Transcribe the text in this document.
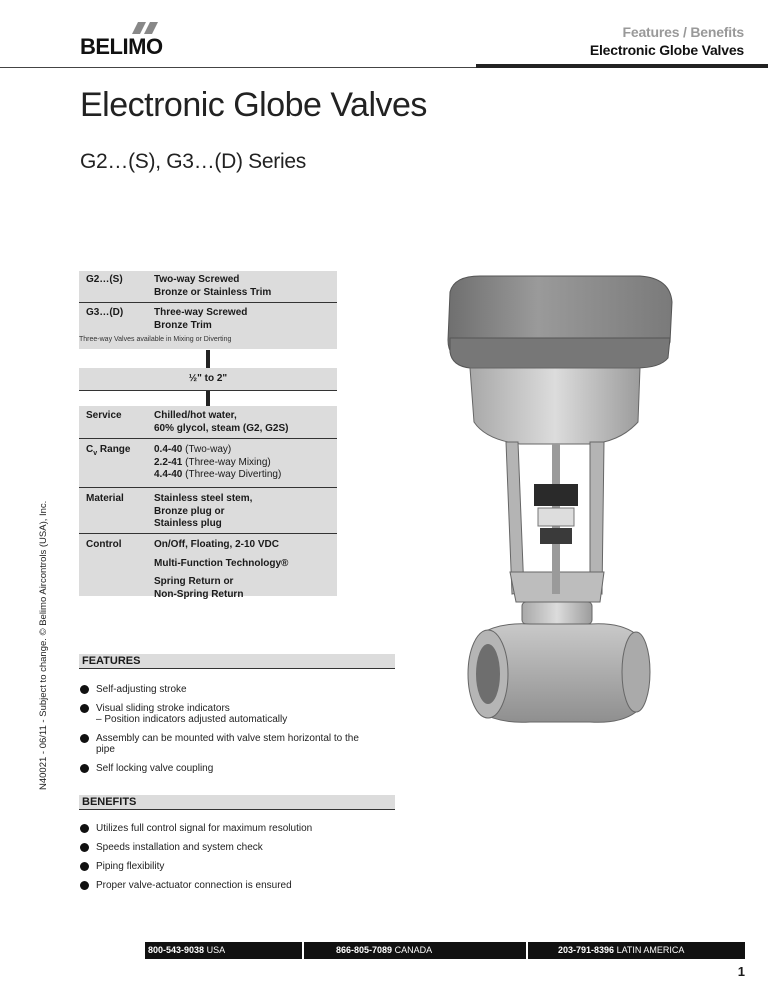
BELIMO
Features / Benefits
Electronic Globe Valves
Electronic Globe Valves
G2…(S), G3…(D) Series
N40021 - 06/11 - Subject to change. © Belimo Aircontrols (USA), Inc.
G2…(S)	Two-way Screwed
Bronze or Stainless Trim
G3…(D)	Three-way Screwed
Bronze Trim
Three-way Valves available in Mixing or Diverting
½" to 2"
Service	Chilled/hot water,
60% glycol, steam (G2, G2S)
$C_v$ Range 0.4-40 (Two-way)
2.2-41 (Three-way Mixing)
4.4-40 (Three-way Diverting)
Material	Stainless steel stem,
Bronze plug or
Stainless plug
Control	On/Off, Floating, 2-10 VDC
Multi-Function Technology®
Spring Return or
Non-Spring Return
FEATURES
Self-adjusting stroke
Visual sliding stroke indicators
– Position indicators adjusted automatically
Assembly can be mounted with valve stem horizontal to the pipe
Self locking valve coupling
BENEFITS
Utilizes full control signal for maximum resolution
Speeds installation and system check
Piping flexibility
Proper valve-actuator connection is ensured
800-543-9038 USA	866-805-7089 CANADA	203-791-8396 LATIN AMERICA
1
